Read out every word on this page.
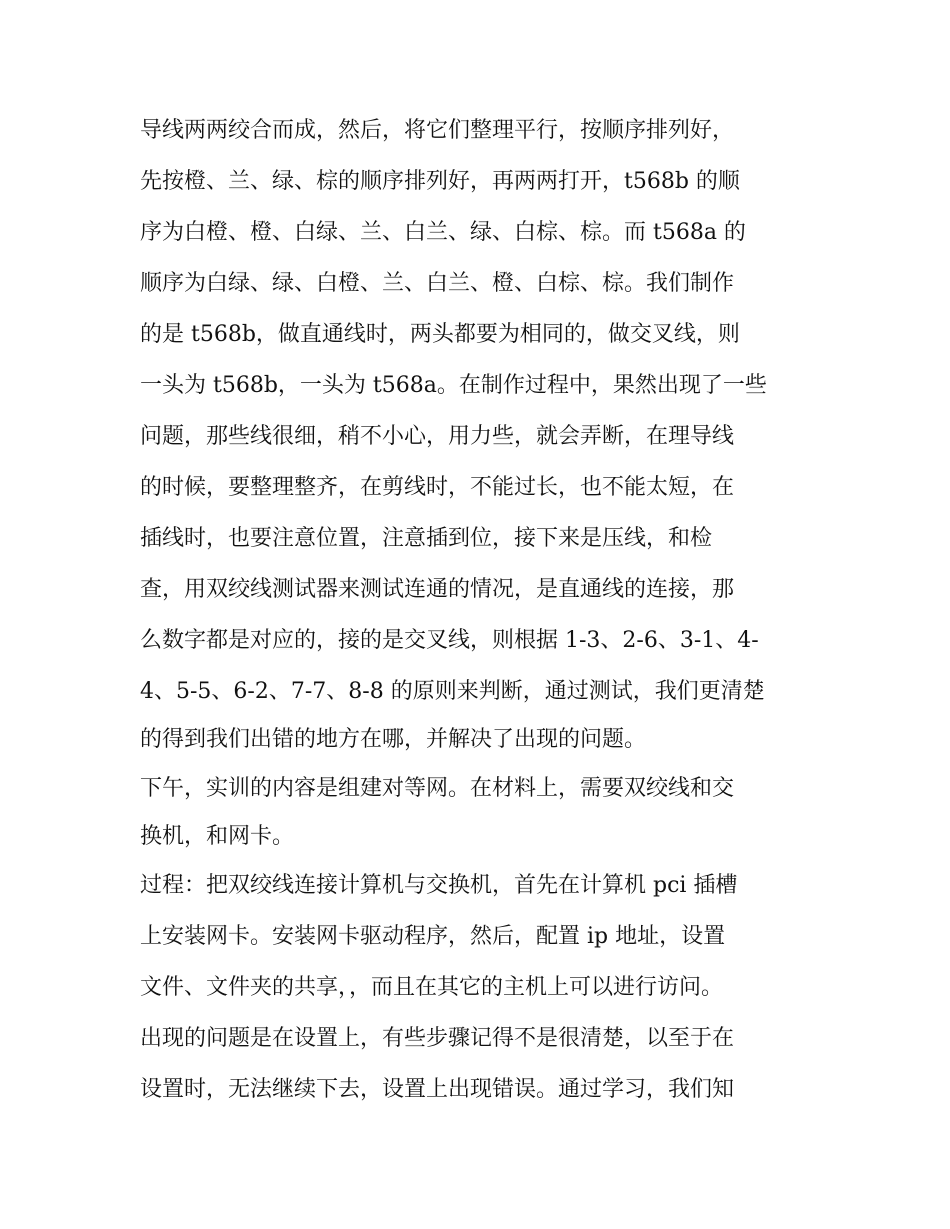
导线两两绞合而成，然后，将它们整理平行，按顺序排列好，
先按橙、兰、绿、棕的顺序排列好，再两两打开，t568b 的顺
序为白橙、橙、白绿、兰、白兰、绿、白棕、棕。而 t568a 的
顺序为白绿、绿、白橙、兰、白兰、橙、白棕、棕。我们制作
的是 t568b，做直通线时，两头都要为相同的，做交叉线，则
一头为 t568b，一头为 t568a。在制作过程中，果然出现了一些
问题，那些线很细，稍不小心，用力些，就会弄断，在理导线
的时候，要整理整齐，在剪线时，不能过长，也不能太短，在
插线时，也要注意位置，注意插到位，接下来是压线，和检
查，用双绞线测试器来测试连通的情况，是直通线的连接，那
么数字都是对应的，接的是交叉线，则根据 1-3、2-6、3-1、4-
4、5-5、6-2、7-7、8-8 的原则来判断，通过测试，我们更清楚
的得到我们出错的地方在哪，并解决了出现的问题。
下午，实训的内容是组建对等网。在材料上，需要双绞线和交
换机，和网卡。
过程：把双绞线连接计算机与交换机，首先在计算机 pci 插槽
上安装网卡。安装网卡驱动程序，然后，配置 ip 地址，设置
文件、文件夹的共享，，而且在其它的主机上可以进行访问。
出现的问题是在设置上，有些步骤记得不是很清楚，以至于在
设置时，无法继续下去，设置上出现错误。通过学习，我们知
